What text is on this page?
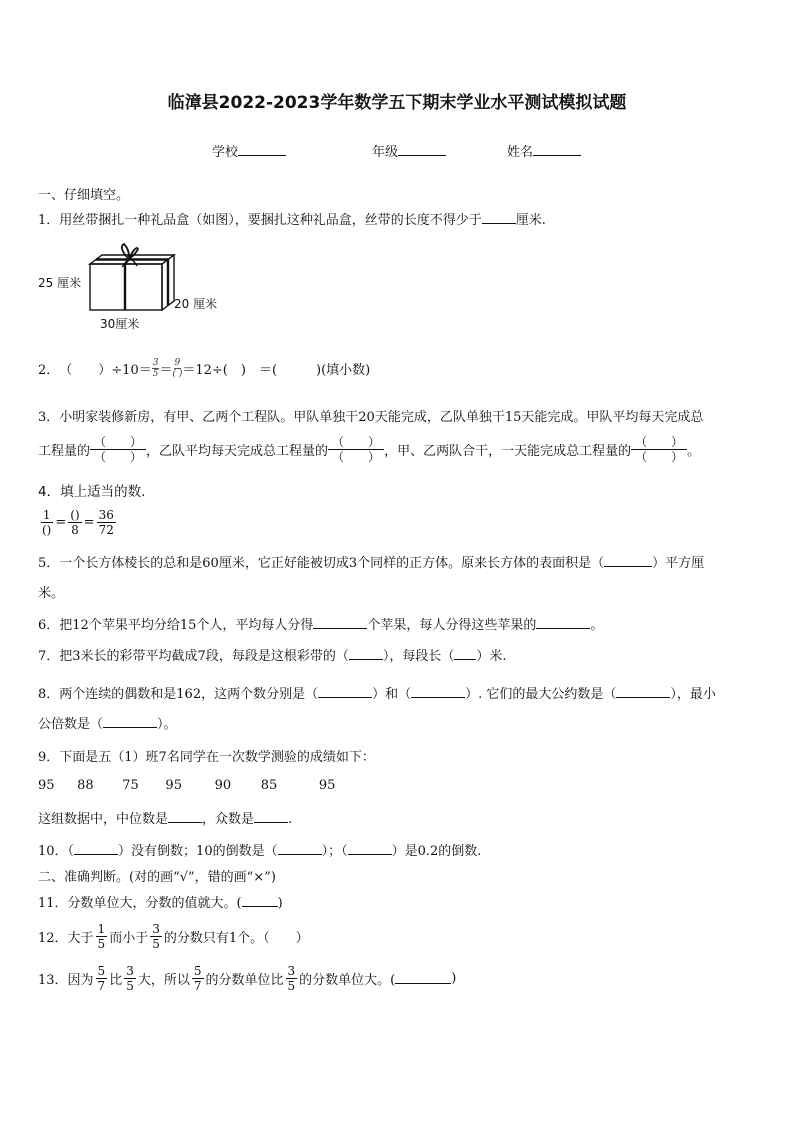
临漳县2022-2023学年数学五下期末学业水平测试模拟试题
学校	年级	姓名
一、仔细填空。
1．用丝带捆扎一种礼品盒（如图），要捆扎这种礼品盒，丝带的长度不得少于	厘米.
25 厘米
20 厘米
30厘米
2． （　　）$\div 10= \frac{3}{5} = \frac{9}{( )} =12\div$(　)　＝(　　　)(填小数)
3．小明家装修新房，有甲、乙两个工程队。甲队单独干20天能完成，乙队单独干15天能完成。甲队平均每天完成总
工程量的 $\frac{( )}{( )}$ ，乙队平均每天完成总工程量的 $\frac{( )}{( )}$ ，甲、乙两队合干，一天能完成总工程量的 $\frac{( )}{( )}$ 。
4．填上适当的数.
$\frac{1}{()} = \frac{()}{8} = \frac{36}{72}$
5．一个长方体棱长的总和是60厘米，它正好能被切成3个同样的正方体。原来长方体的表面积是（	）平方厘
米。
6．把12个苹果平均分给15个人，平均每人分得	个苹果，每人分得这些苹果的	。
7．把3米长的彩带平均截成7段，每段是这根彩带的（	），每段长（ ）米.
8．两个连续的偶数和是162，这两个数分别是（	）和（	）. 它们的最大公约数是（	），最小
公倍数是（	）。
9．下面是五（1）班7名同学在一次数学测验的成绩如下：
95 88 75 95	90 85	95
这组数据中，中位数是	，众数是	.
10．（	）没有倒数；10的倒数是（	）；（	）是0.2的倒数.
二、准确判断。(对的画“√”，错的画“×”)
11．分数单位大，分数的值就大。(	)
12．大于 $\frac{1}{5}$ 而小于 $\frac{3}{5}$ 的分数只有1个。（　　）
13．因为 $\frac{5}{7}$ 比 $\frac{3}{5}$ 大，所以 $\frac{5}{7}$ 的分数单位比 $\frac{3}{5}$ 的分数单位大。(	)
